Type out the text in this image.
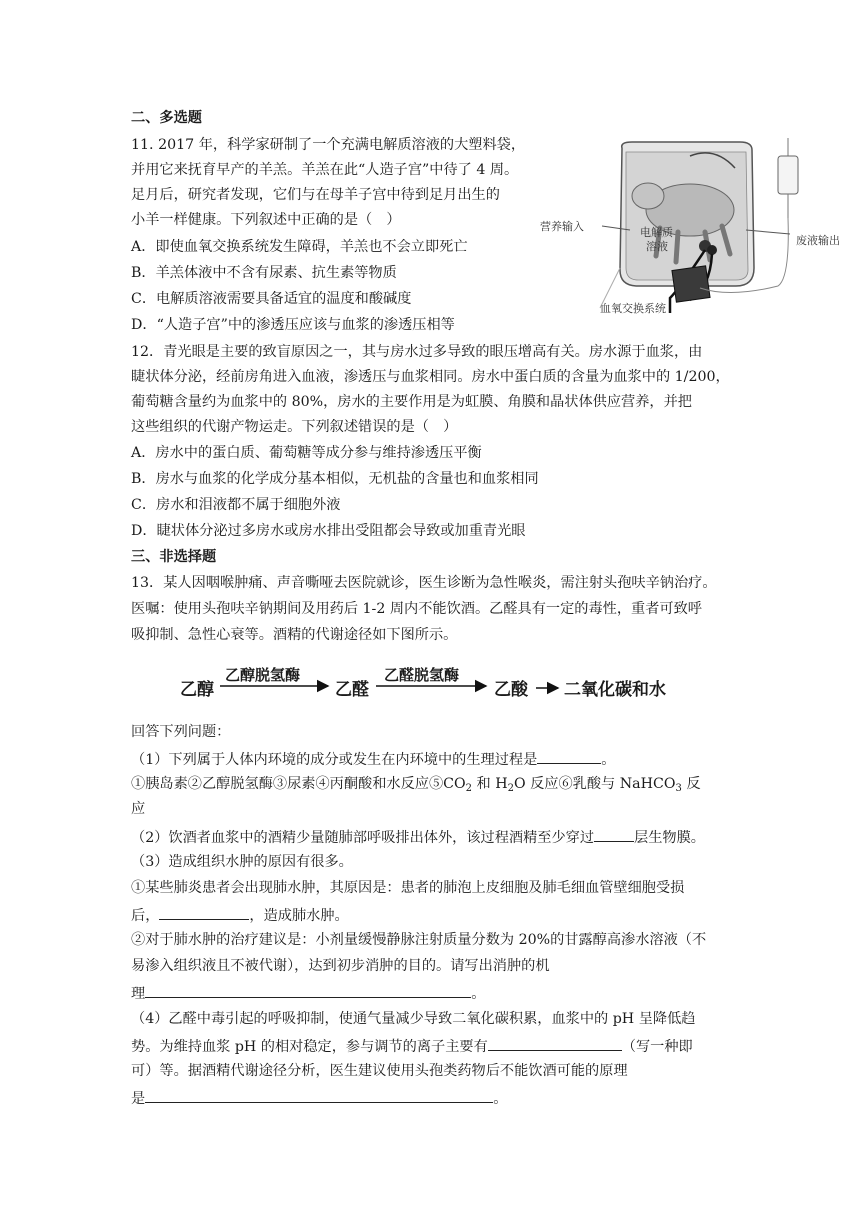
二、多选题
11. 2017 年，科学家研制了一个充满电解质溶液的大塑料袋，
并用它来抚育早产的羊羔。羊羔在此“人造子宫”中待了 4 周。
足月后，研究者发现，它们与在母羊子宫中待到足月出生的
小羊一样健康。下列叙述中正确的是（　）
A．即使血氧交换系统发生障碍，羊羔也不会立即死亡
B．羊羔体液中不含有尿素、抗生素等物质
C．电解质溶液需要具备适宜的温度和酸碱度
D．“人造子宫”中的渗透压应该与血浆的渗透压相等
营养输入	电解质
溶液	废液输出
血氧交换系统
12．青光眼是主要的致盲原因之一，其与房水过多导致的眼压增高有关。房水源于血浆，由
睫状体分泌，经前房角进入血液，渗透压与血浆相同。房水中蛋白质的含量为血浆中的 1/200，
葡萄糖含量约为血浆中的 80%，房水的主要作用是为虹膜、角膜和晶状体供应营养，并把
这些组织的代谢产物运走。下列叙述错误的是（　）
A．房水中的蛋白质、葡萄糖等成分参与维持渗透压平衡
B．房水与血浆的化学成分基本相似，无机盐的含量也和血浆相同
C．房水和泪液都不属于细胞外液
D．睫状体分泌过多房水或房水排出受阻都会导致或加重青光眼
三、非选择题
13．某人因咽喉肿痛、声音嘶哑去医院就诊，医生诊断为急性喉炎，需注射头孢呋辛钠治疗。
医嘱：使用头孢呋辛钠期间及用药后 1-2 周内不能饮酒。乙醛具有一定的毒性，重者可致呼
吸抑制、急性心衰等。酒精的代谢途径如下图所示。
乙醇
乙醇脱氢酶
乙醛
乙醛脱氢酶
乙酸 二氧化碳和水
回答下列问题：
（1）下列属于人体内环境的成分或发生在内环境中的生理过程是	。
①胰岛素②乙醇脱氢酶③尿素④丙酮酸和水反应$⑤CO_2$ 和 $H_2O$ 反应⑥乳酸与 NaHCO$_3$ 反
应
（2）饮酒者血浆中的酒精少量随肺部呼吸排出体外，该过程酒精至少穿过	层生物膜。
（3）造成组织水肿的原因有很多。
①某些肺炎患者会出现肺水肿，其原因是：患者的肺泡上皮细胞及肺毛细血管壁细胞受损
后，	，造成肺水肿。
②对于肺水肿的治疗建议是：小剂量缓慢静脉注射质量分数为 20%的甘露醇高渗水溶液（不
易渗入组织液且不被代谢），达到初步消肿的目的。请写出消肿的机
理	。
（4）乙醛中毒引起的呼吸抑制，使通气量减少导致二氧化碳积累，血浆中的 pH 呈降低趋
势。为维持血浆 pH 的相对稳定，参与调节的离子主要有	（写一种即
可）等。据酒精代谢途径分析，医生建议使用头孢类药物后不能饮酒可能的原理
是	。
